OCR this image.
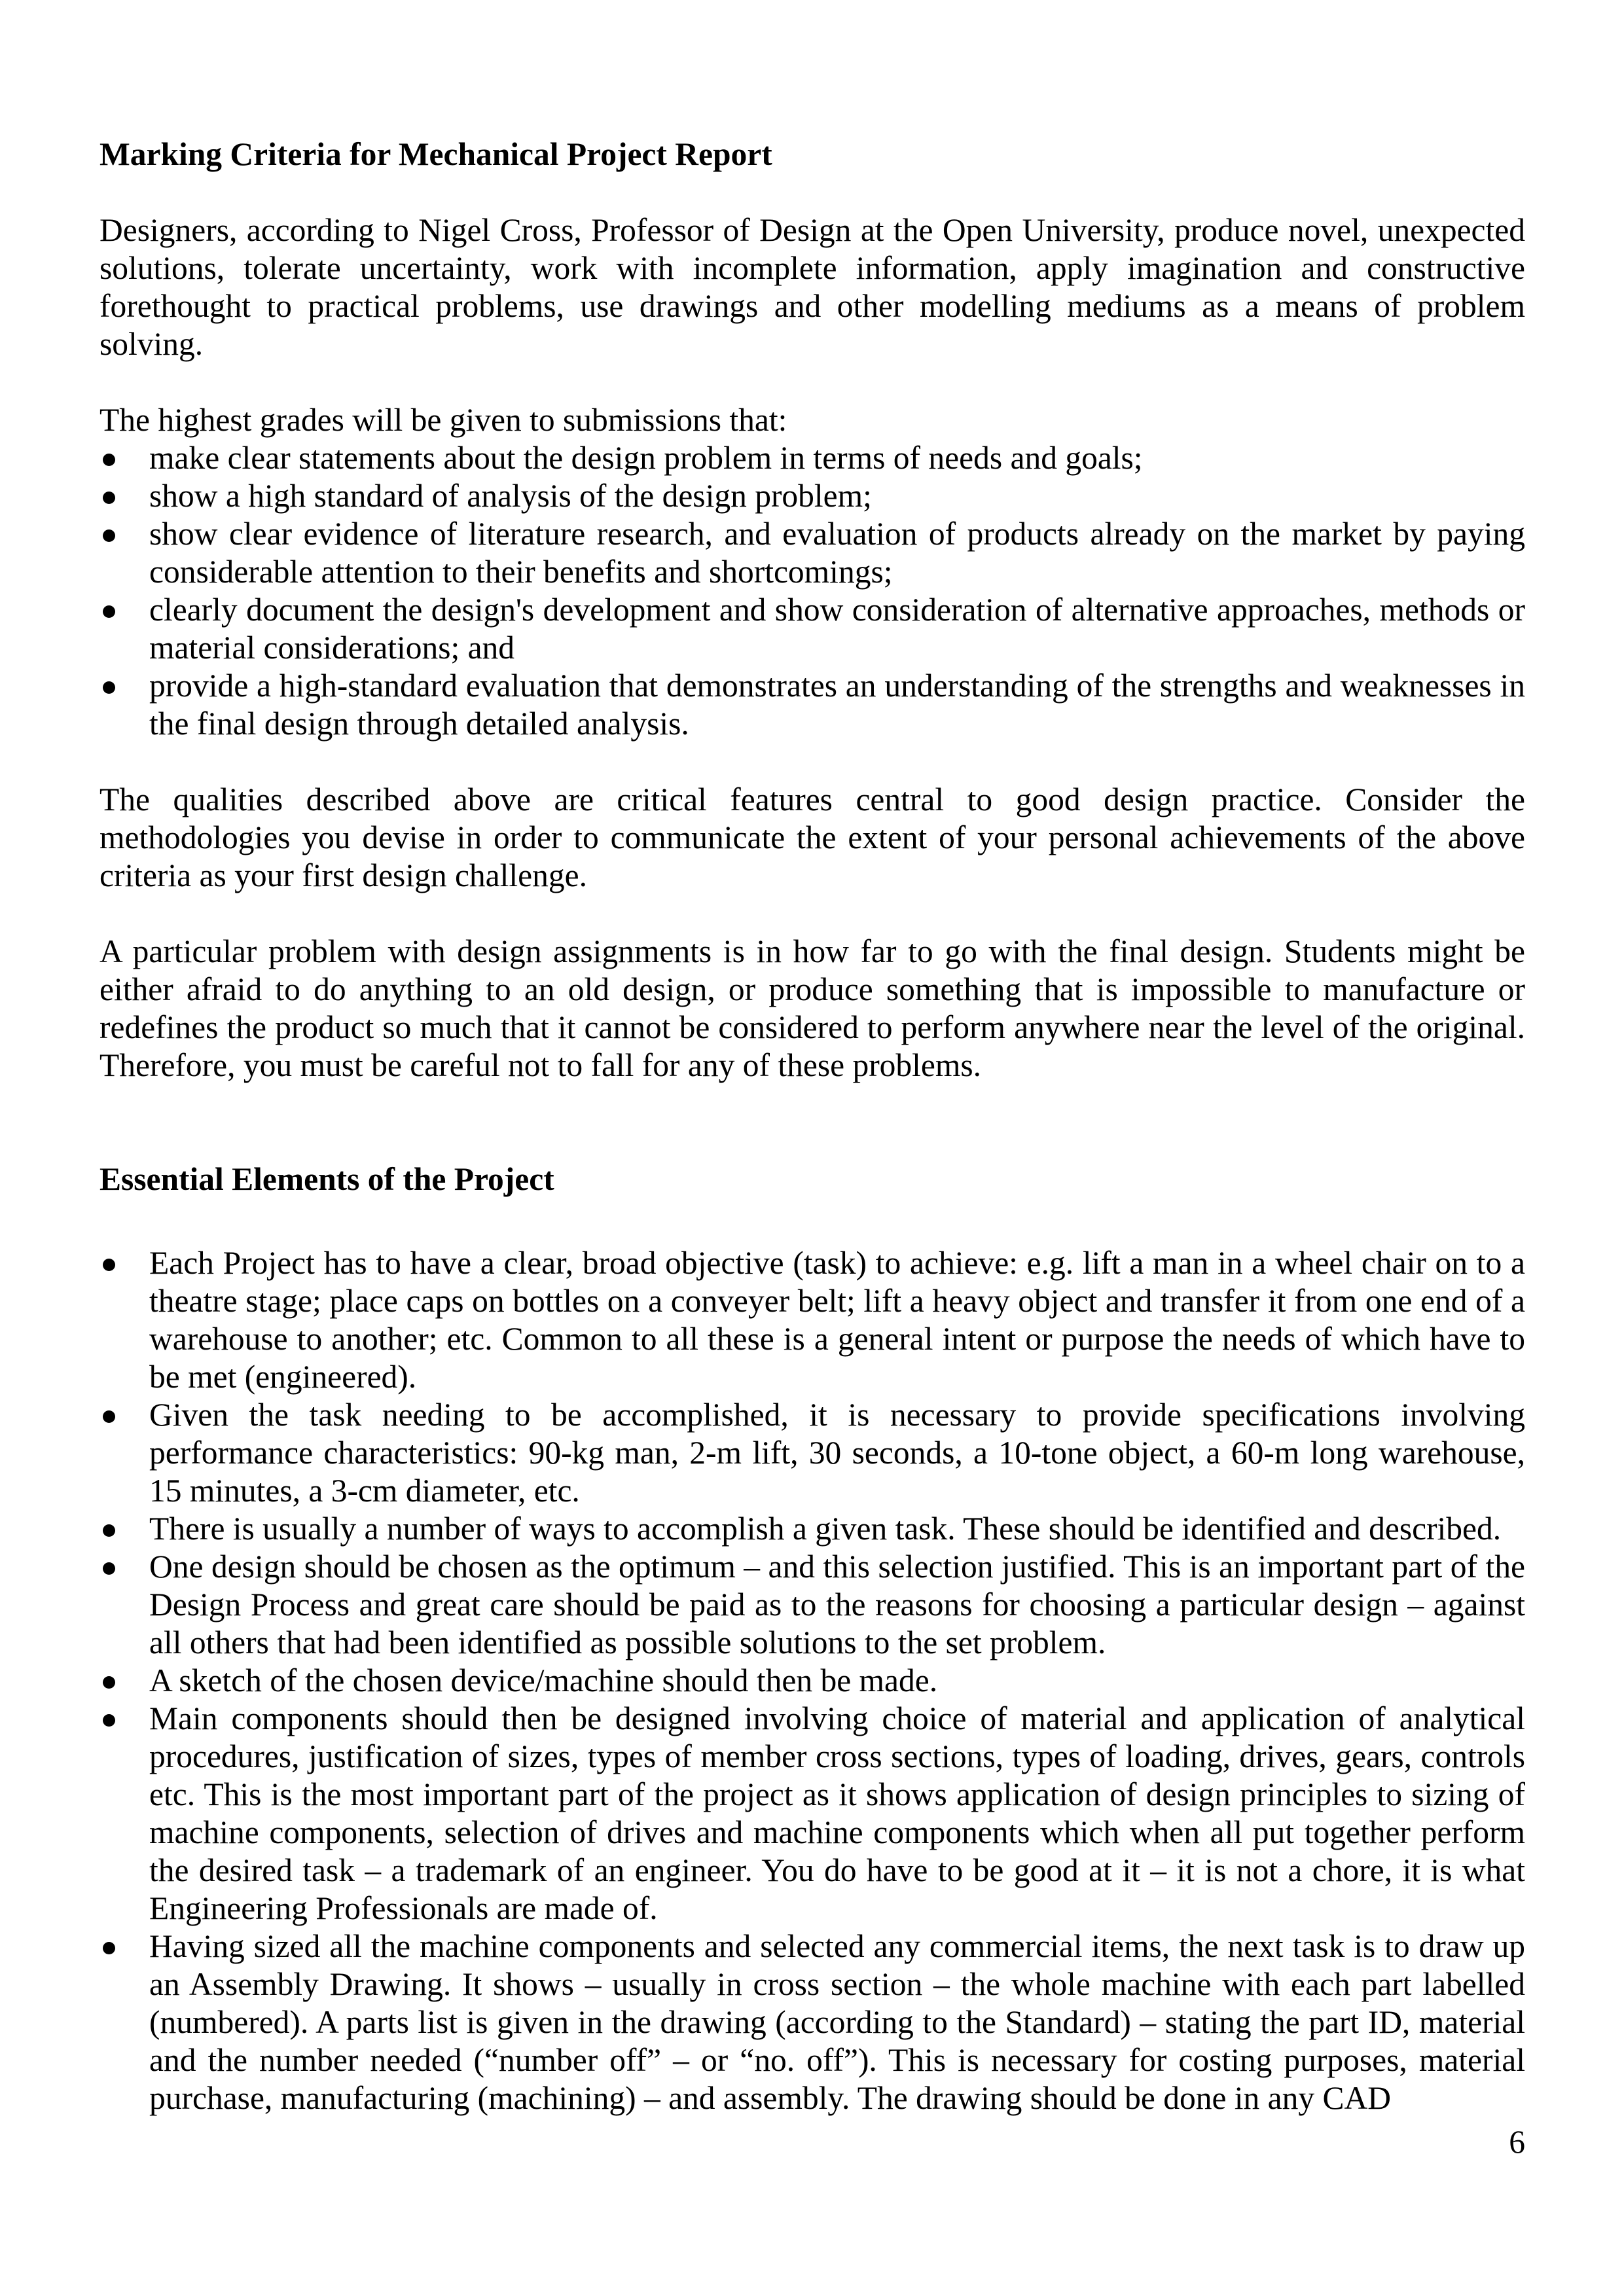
Marking Criteria for Mechanical Project Report

Designers, according to Nigel Cross, Professor of Design at the Open University, produce novel, unexpected solutions, tolerate uncertainty, work with incomplete information, apply imagination and constructive forethought to practical problems, use drawings and other modelling mediums as a means of problem solving.

The highest grades will be given to submissions that:

make clear statements about the design problem in terms of needs and goals;
show a high standard of analysis of the design problem;
show clear evidence of literature research, and evaluation of products already on the market by paying considerable attention to their benefits and shortcomings;
clearly document the design's development and show consideration of alternative approaches, methods or material considerations; and
provide a high-standard evaluation that demonstrates an understanding of the strengths and weaknesses in the final design through detailed analysis.

The qualities described above are critical features central to good design practice. Consider the methodologies you devise in order to communicate the extent of your personal achievements of the above criteria as your first design challenge.

A particular problem with design assignments is in how far to go with the final design. Students might be either afraid to do anything to an old design, or produce something that is impossible to manufacture or redefines the product so much that it cannot be considered to perform anywhere near the level of the original. Therefore, you must be careful not to fall for any of these problems.

Essential Elements of the Project
Each Project has to have a clear, broad objective (task) to achieve: e.g. lift a man in a wheel chair on to a theatre stage; place caps on bottles on a conveyer belt; lift a heavy object and transfer it from one end of a warehouse to another; etc. Common to all these is a general intent or purpose the needs of which have to be met (engineered).
Given the task needing to be accomplished, it is necessary to provide specifications involving performance characteristics: 90-kg man, 2-m lift, 30 seconds, a 10-tone object, a 60-m long warehouse, 15 minutes, a 3-cm diameter, etc.
There is usually a number of ways to accomplish a given task. These should be identified and described.
One design should be chosen as the optimum – and this selection justified. This is an important part of the Design Process and great care should be paid as to the reasons for choosing a particular design – against all others that had been identified as possible solutions to the set problem.
A sketch of the chosen device/machine should then be made.
Main components should then be designed involving choice of material and application of analytical procedures, justification of sizes, types of member cross sections, types of loading, drives, gears, controls etc. This is the most important part of the project as it shows application of design principles to sizing of machine components, selection of drives and machine components which when all put together perform the desired task – a trademark of an engineer. You do have to be good at it – it is not a chore, it is what Engineering Professionals are made of.
Having sized all the machine components and selected any commercial items, the next task is to draw up an Assembly Drawing. It shows – usually in cross section – the whole machine with each part labelled (numbered). A parts list is given in the drawing (according to the Standard) – stating the part ID, material and the number needed (“number off” – or “no. off”). This is necessary for costing purposes, material purchase, manufacturing (machining) – and assembly. The drawing should be done in any CAD
6
